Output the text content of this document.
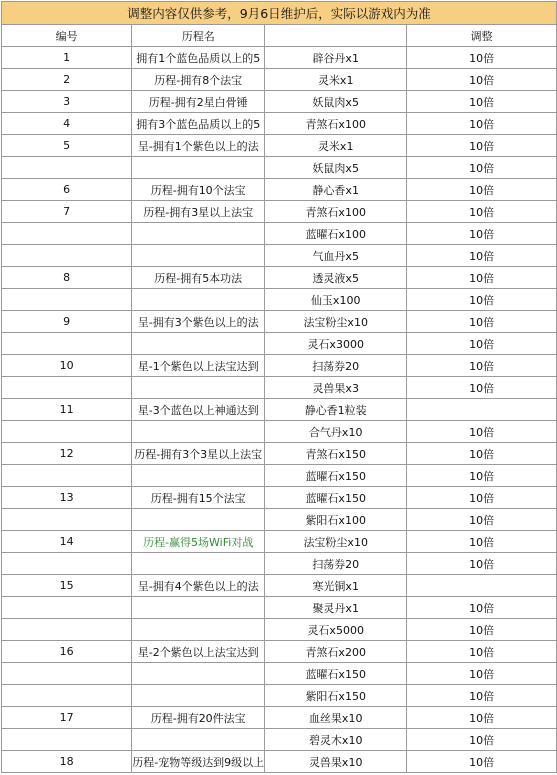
调整内容仅供参考，9月6日维护后，实际以游戏内为准			
编号	历程名		调整
1	拥有1个蓝色品质以上的5	辟谷丹x1	10倍
2	历程-拥有8个法宝	灵米x1	10倍
3	历程-拥有2星白骨锤	妖鼠肉x5	10倍
4	拥有3个蓝色品质以上的5	青煞石x100	10倍
5	呈-拥有1个紫色以上的法	灵米x1	10倍
		妖鼠肉x5	10倍
6	历程-拥有10个法宝	静心香x1	10倍
7	历程-拥有3星以上法宝	青煞石x100	10倍
		蓝曜石x100	10倍
		气血丹x5	10倍
8	历程-拥有5本功法	透灵液x5	10倍
		仙玉x100	10倍
9	呈-拥有3个紫色以上的法	法宝粉尘x10	10倍
		灵石x3000	10倍
10	星-1个紫色以上法宝达到	扫荡券20	10倍
		灵兽果x3	10倍
11	星-3个蓝色以上神通达到	静心香1粒装	
		合气丹x10	10倍
12	历程-拥有3个3星以上法宝	青煞石x150	10倍
		蓝曜石x150	10倍
13	历程-拥有15个法宝	蓝曜石x150	10倍
		紫阳石x100	10倍
14	历程-赢得5场WiFi对战	法宝粉尘x10	10倍
		扫荡券20	10倍
15	呈-拥有4个紫色以上的法	寒光铜x1	
		聚灵丹x1	10倍
		灵石x5000	10倍
16	星-2个紫色以上法宝达到	青煞石x200	10倍
		蓝曜石x150	10倍
		紫阳石x150	10倍
17	历程-拥有20件法宝	血丝果x10	10倍
		碧灵木x10	10倍
18	历程-宠物等级达到9级以上	灵兽果x10	10倍
